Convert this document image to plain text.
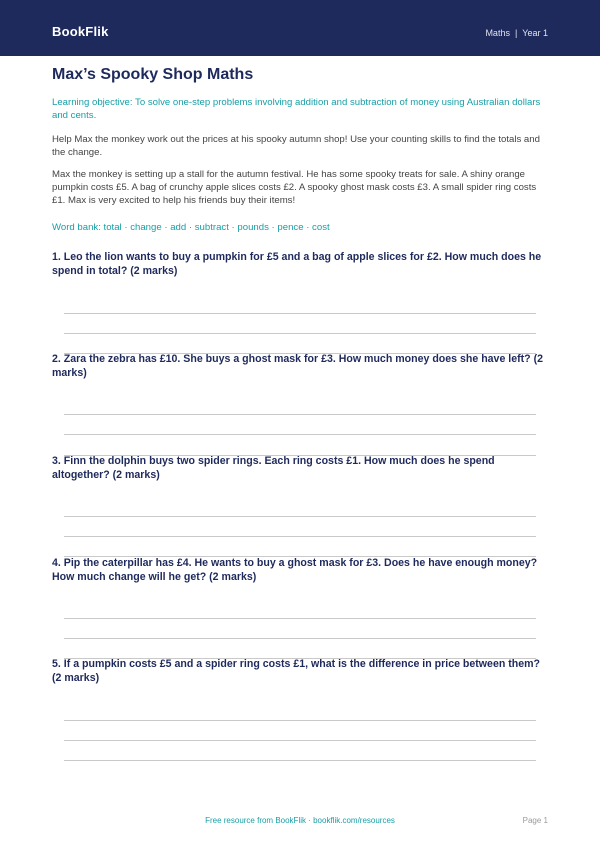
BookFlik	Maths | Year 1
Max’s Spooky Shop Maths

Learning objective: To solve one-step problems involving addition and subtraction of money using Australian dollars and cents.

Help Max the monkey work out the prices at his spooky autumn shop! Use your counting skills to find the totals and the change.

Max the monkey is setting up a stall for the autumn festival. He has some spooky treats for sale. A shiny orange pumpkin costs £5. A bag of crunchy apple slices costs £2. A spooky ghost mask costs £3. A small spider ring costs £1. Max is very excited to help his friends buy their items!

Word bank: total · change · add · subtract · pounds · pence · cost

1. Leo the lion wants to buy a pumpkin for £5 and a bag of apple slices for £2. How much does he spend in total? (2 marks)

2. Zara the zebra has £10. She buys a ghost mask for £3. How much money does she have left? (2 marks)

3. Finn the dolphin buys two spider rings. Each ring costs £1. How much does he spend altogether? (2 marks)

4. Pip the caterpillar has £4. He wants to buy a ghost mask for £3. Does he have enough money? How much change will he get? (2 marks)

5. If a pumpkin costs £5 and a spider ring costs £1, what is the difference in price between them? (2 marks)

Free resource from BookFlik · bookflik.com/resources	Page 1
